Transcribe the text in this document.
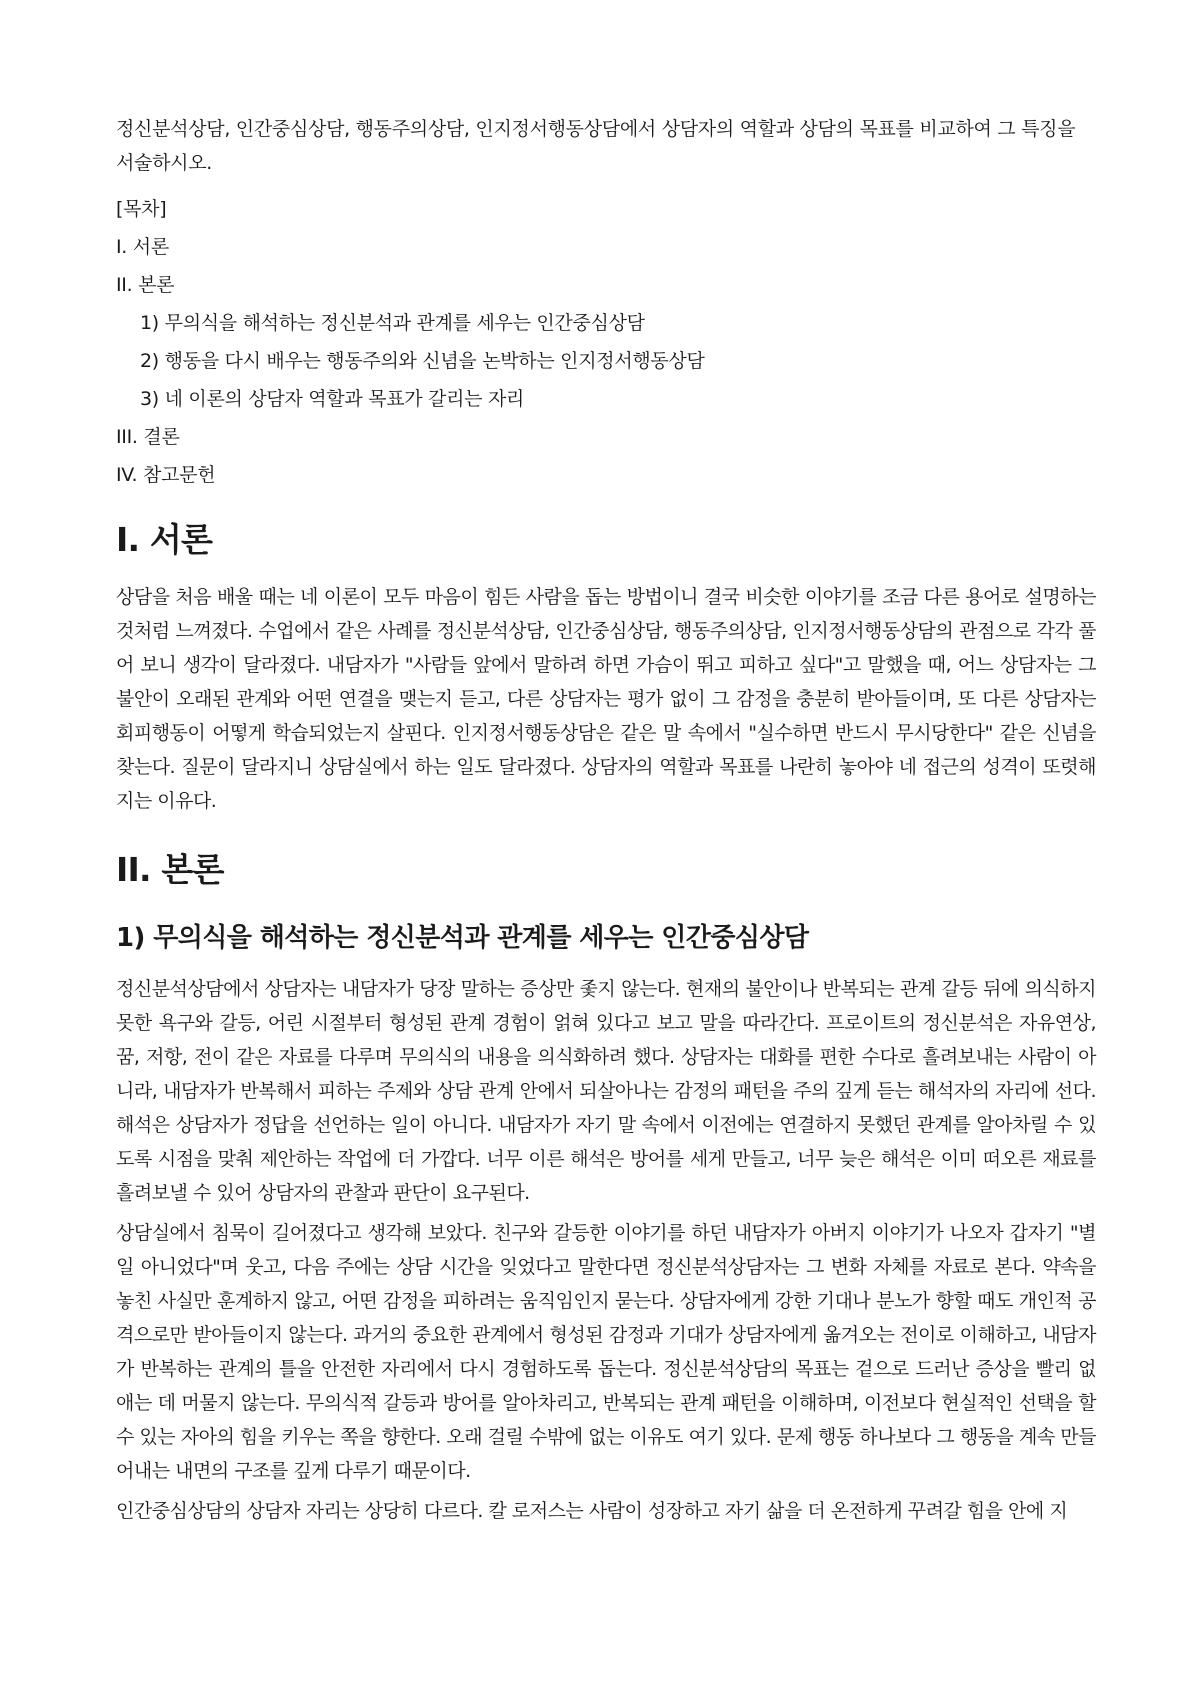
정신분석상담, 인간중심상담, 행동주의상담, 인지정서행동상담에서 상담자의 역할과 상담의 목표를 비교하여 그 특징을 서술하시오.

[목차]
I. 서론
II. 본론
1) 무의식을 해석하는 정신분석과 관계를 세우는 인간중심상담
2) 행동을 다시 배우는 행동주의와 신념을 논박하는 인지정서행동상담
3) 네 이론의 상담자 역할과 목표가 갈리는 자리
III. 결론
IV. 참고문헌
I. 서론

상담을 처음 배울 때는 네 이론이 모두 마음이 힘든 사람을 돕는 방법이니 결국 비슷한 이야기를 조금 다른 용어로 설명하는 것처럼 느껴졌다. 수업에서 같은 사례를 정신분석상담, 인간중심상담, 행동주의상담, 인지정서행동상담의 관점으로 각각 풀어 보니 생각이 달라졌다. 내담자가 "사람들 앞에서 말하려 하면 가슴이 뛰고 피하고 싶다"고 말했을 때, 어느 상담자는 그 불안이 오래된 관계와 어떤 연결을 맺는지 듣고, 다른 상담자는 평가 없이 그 감정을 충분히 받아들이며, 또 다른 상담자는 회피행동이 어떻게 학습되었는지 살핀다. 인지정서행동상담은 같은 말 속에서 "실수하면 반드시 무시당한다" 같은 신념을 찾는다. 질문이 달라지니 상담실에서 하는 일도 달라졌다. 상담자의 역할과 목표를 나란히 놓아야 네 접근의 성격이 또렷해지는 이유다.

II. 본론
1) 무의식을 해석하는 정신분석과 관계를 세우는 인간중심상담

정신분석상담에서 상담자는 내담자가 당장 말하는 증상만 좇지 않는다. 현재의 불안이나 반복되는 관계 갈등 뒤에 의식하지 못한 욕구와 갈등, 어린 시절부터 형성된 관계 경험이 얽혀 있다고 보고 말을 따라간다. 프로이트의 정신분석은 자유연상, 꿈, 저항, 전이 같은 자료를 다루며 무의식의 내용을 의식화하려 했다. 상담자는 대화를 편한 수다로 흘려보내는 사람이 아니라, 내담자가 반복해서 피하는 주제와 상담 관계 안에서 되살아나는 감정의 패턴을 주의 깊게 듣는 해석자의 자리에 선다. 해석은 상담자가 정답을 선언하는 일이 아니다. 내담자가 자기 말 속에서 이전에는 연결하지 못했던 관계를 알아차릴 수 있도록 시점을 맞춰 제안하는 작업에 더 가깝다. 너무 이른 해석은 방어를 세게 만들고, 너무 늦은 해석은 이미 떠오른 재료를 흘려보낼 수 있어 상담자의 관찰과 판단이 요구된다.

상담실에서 침묵이 길어졌다고 생각해 보았다. 친구와 갈등한 이야기를 하던 내담자가 아버지 이야기가 나오자 갑자기 "별일 아니었다"며 웃고, 다음 주에는 상담 시간을 잊었다고 말한다면 정신분석상담자는 그 변화 자체를 자료로 본다. 약속을 놓친 사실만 훈계하지 않고, 어떤 감정을 피하려는 움직임인지 묻는다. 상담자에게 강한 기대나 분노가 향할 때도 개인적 공격으로만 받아들이지 않는다. 과거의 중요한 관계에서 형성된 감정과 기대가 상담자에게 옮겨오는 전이로 이해하고, 내담자가 반복하는 관계의 틀을 안전한 자리에서 다시 경험하도록 돕는다. 정신분석상담의 목표는 겉으로 드러난 증상을 빨리 없애는 데 머물지 않는다. 무의식적 갈등과 방어를 알아차리고, 반복되는 관계 패턴을 이해하며, 이전보다 현실적인 선택을 할 수 있는 자아의 힘을 키우는 쪽을 향한다. 오래 걸릴 수밖에 없는 이유도 여기 있다. 문제 행동 하나보다 그 행동을 계속 만들어내는 내면의 구조를 깊게 다루기 때문이다.

인간중심상담의 상담자 자리는 상당히 다르다. 칼 로저스는 사람이 성장하고 자기 삶을 더 온전하게 꾸려갈 힘을 안에 지
